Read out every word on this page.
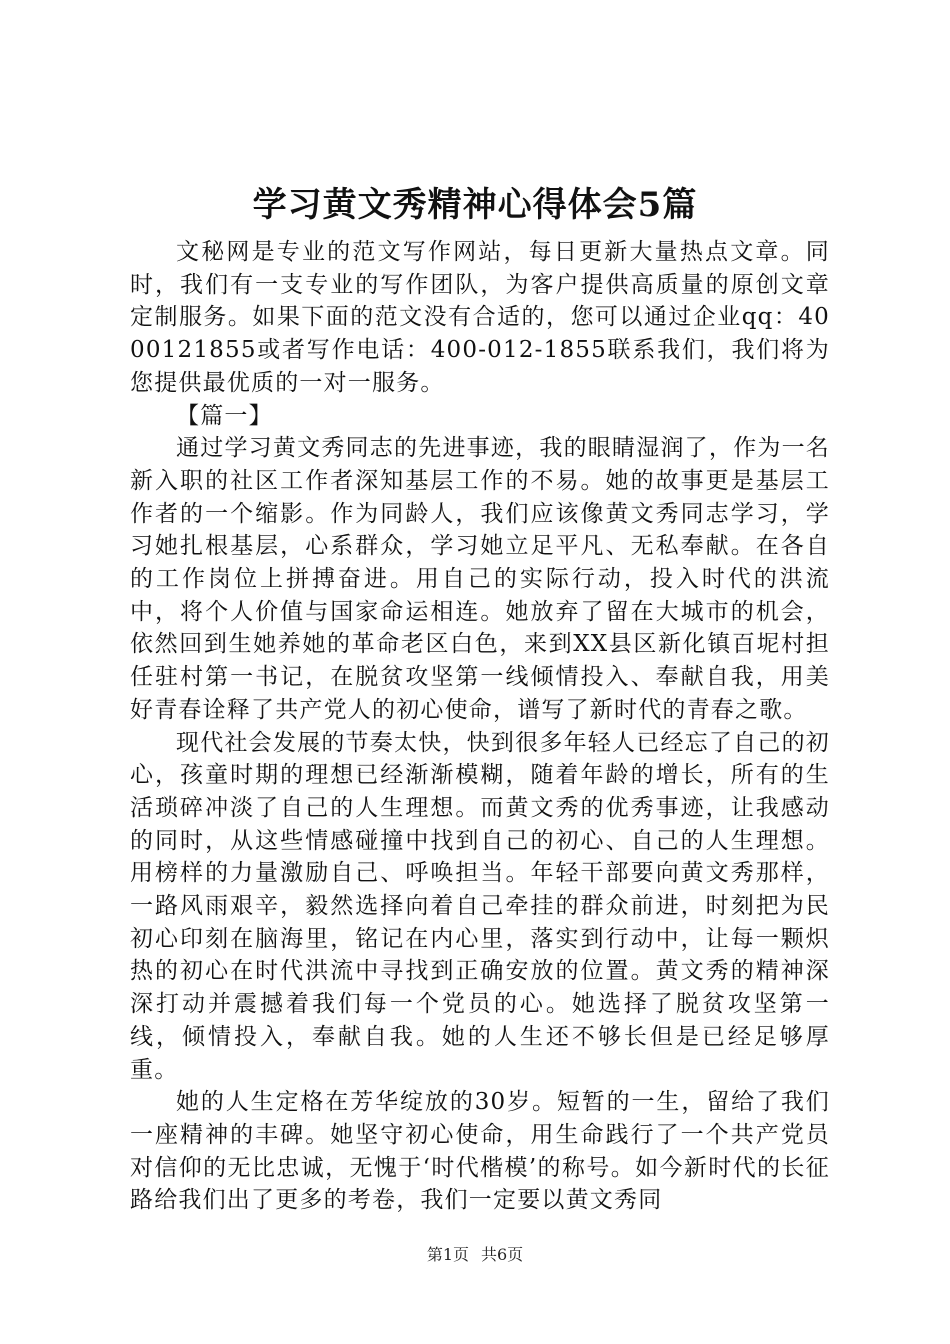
学习黄文秀精神心得体会5篇

文秘网是专业的范文写作网站，每日更新大量热点文章。同时，我们有一支专业的写作团队，为客户提供高质量的原创文章定制服务。如果下面的范文没有合适的，您可以通过企业qq：4000121855或者写作电话：400-012-1855联系我们，我们将为您提供最优质的一对一服务。

【篇一】

通过学习黄文秀同志的先进事迹，我的眼睛湿润了，作为一名新入职的社区工作者深知基层工作的不易。她的故事更是基层工作者的一个缩影。作为同龄人，我们应该像黄文秀同志学习，学习她扎根基层，心系群众，学习她立足平凡、无私奉献。在各自的工作岗位上拼搏奋进。用自己的实际行动，投入时代的洪流中，将个人价值与国家命运相连。她放弃了留在大城市的机会，依然回到生她养她的革命老区白色，来到XX县区新化镇百坭村担任驻村第一书记，在脱贫攻坚第一线倾情投入、奉献自我，用美好青春诠释了共产党人的初心使命，谱写了新时代的青春之歌。

现代社会发展的节奏太快，快到很多年轻人已经忘了自己的初心，孩童时期的理想已经渐渐模糊，随着年龄的增长，所有的生活琐碎冲淡了自己的人生理想。而黄文秀的优秀事迹，让我感动的同时，从这些情感碰撞中找到自己的初心、自己的人生理想。用榜样的力量激励自己、呼唤担当。年轻干部要向黄文秀那样，一路风雨艰辛，毅然选择向着自己牵挂的群众前进，时刻把为民初心印刻在脑海里，铭记在内心里，落实到行动中，让每一颗炽热的初心在时代洪流中寻找到正确安放的位置。黄文秀的精神深深打动并震撼着我们每一个党员的心。她选择了脱贫攻坚第一线，倾情投入，奉献自我。她的人生还不够长但是已经足够厚重。

她的人生定格在芳华绽放的30岁。短暂的一生，留给了我们一座精神的丰碑。她坚守初心使命，用生命践行了一个共产党员对信仰的无比忠诚，无愧于‘时代楷模’的称号。如今新时代的长征路给我们出了更多的考卷，我们一定要以黄文秀同

第1页 共6页
